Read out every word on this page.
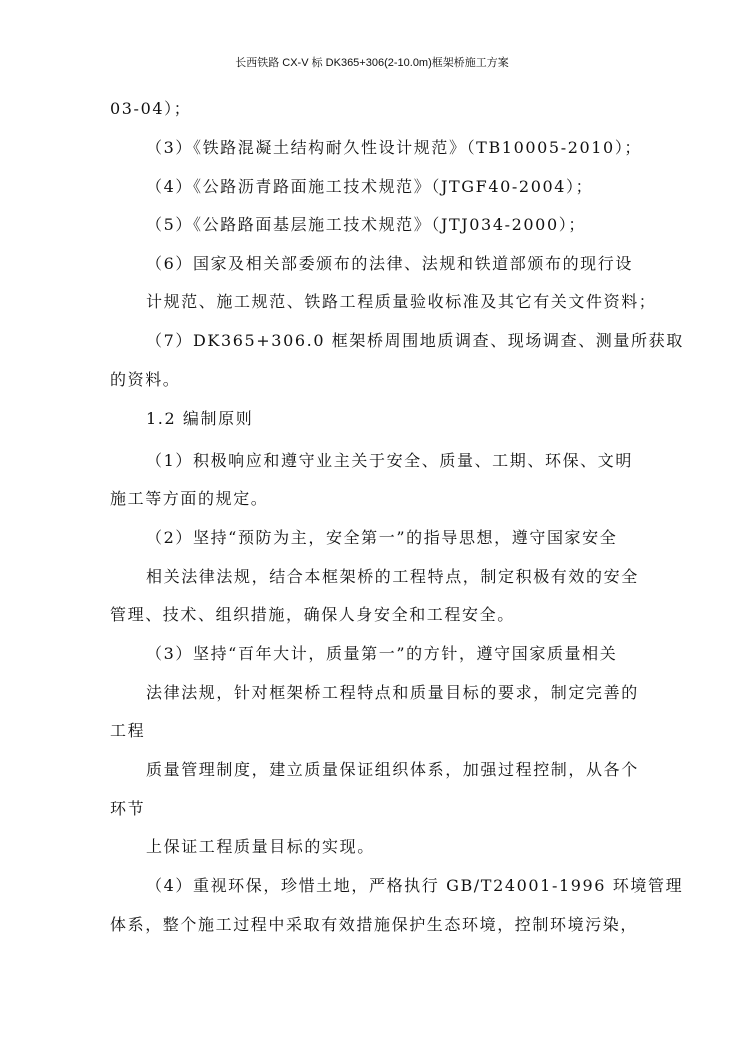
长西铁路 CX-V 标 DK365+306(2-10.0m)框架桥施工方案
03-04）；
（3）《铁路混凝土结构耐久性设计规范》（TB10005-2010）；
（4）《公路沥青路面施工技术规范》（JTGF40-2004）；
（5）《公路路面基层施工技术规范》（JTJ034-2000）；
（6）国家及相关部委颁布的法律、法规和铁道部颁布的现行设
计规范、施工规范、铁路工程质量验收标准及其它有关文件资料；
（7）DK365+306.0 框架桥周围地质调查、现场调查、测量所获取
的资料。
1.2 编制原则
（1）积极响应和遵守业主关于安全、质量、工期、环保、文明
施工等方面的规定。
（2）坚持“预防为主，安全第一”的指导思想，遵守国家安全
相关法律法规，结合本框架桥的工程特点，制定积极有效的安全
管理、技术、组织措施，确保人身安全和工程安全。
（3）坚持“百年大计，质量第一”的方针，遵守国家质量相关
法律法规，针对框架桥工程特点和质量目标的要求，制定完善的
工程
质量管理制度，建立质量保证组织体系，加强过程控制，从各个
环节
上保证工程质量目标的实现。
（4）重视环保，珍惜土地，严格执行 GB/T24001-1996 环境管理
体系，整个施工过程中采取有效措施保护生态环境，控制环境污染，
